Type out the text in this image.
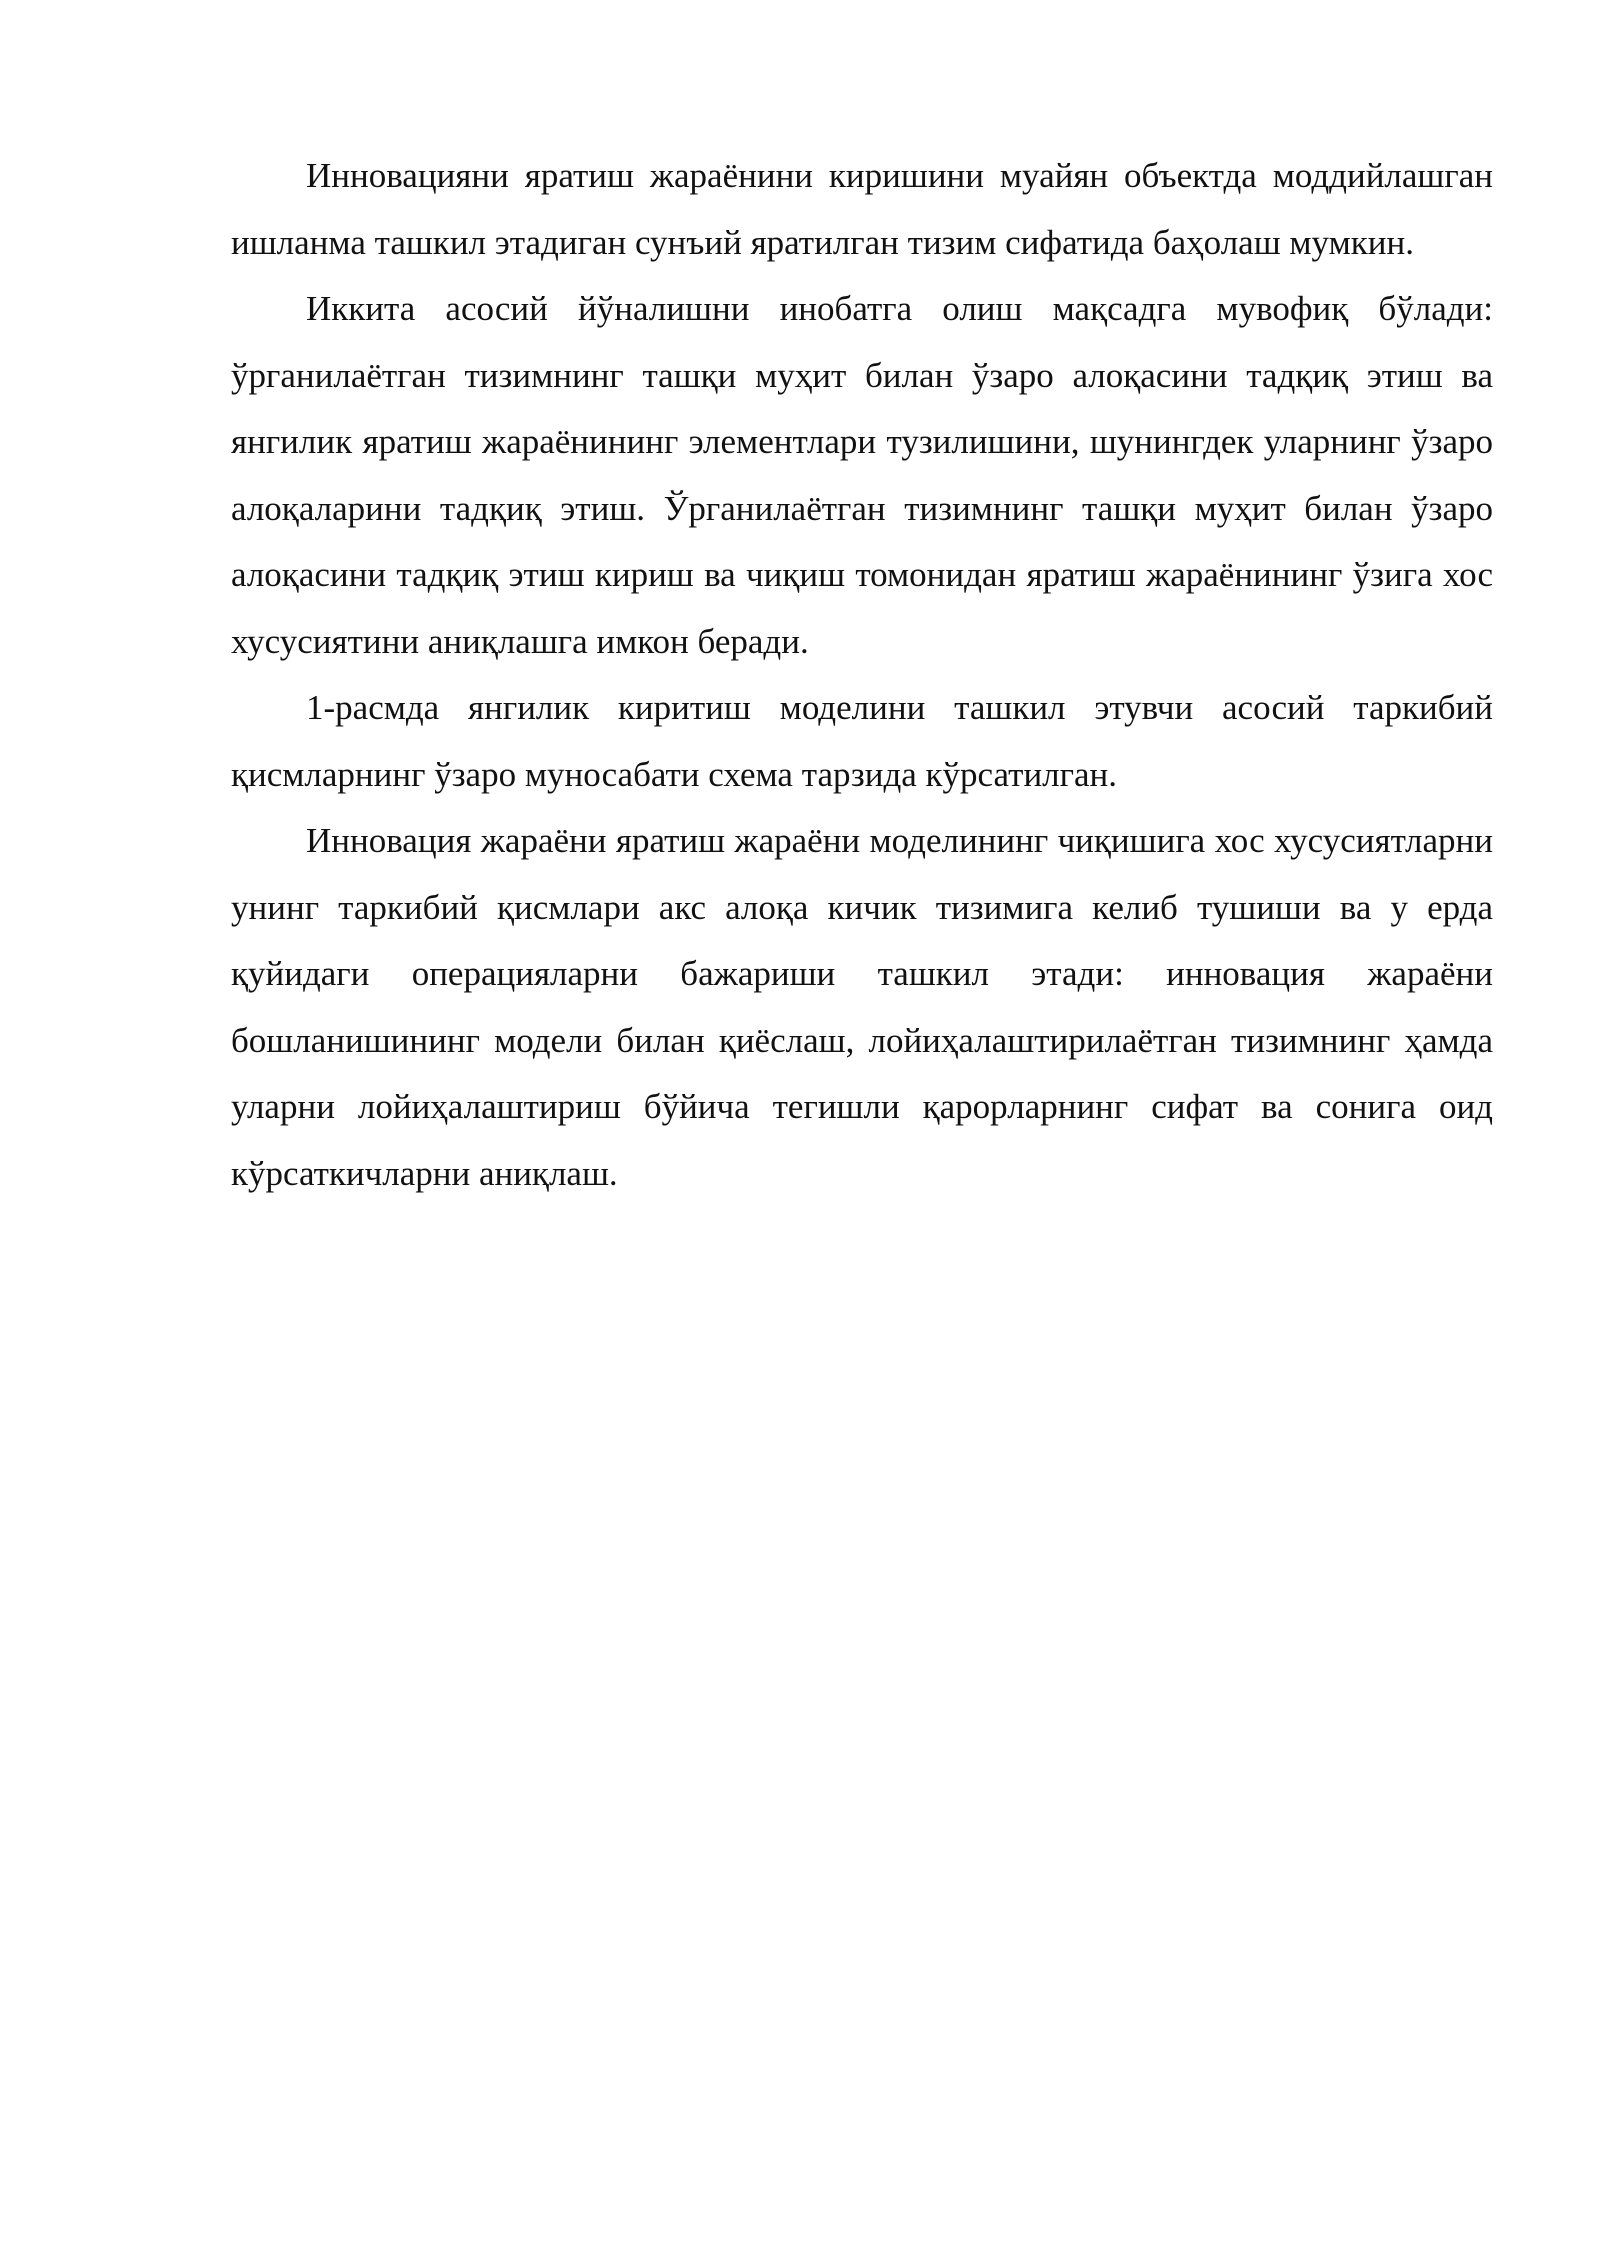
Инновацияни яратиш жараёнини киришини муайян объектда моддийлашган ишланма ташкил этадиган сунъий яратилган тизим сифатида баҳолаш мумкин.

Иккита асосий йўналишни инобатга олиш мақсадга мувофиқ бўлади: ўрганилаётган тизимнинг ташқи муҳит билан ўзаро алоқасини тадқиқ этиш ва янгилик яратиш жараёнининг элементлари тузилишини, шунингдек уларнинг ўзаро алоқаларини тадқиқ этиш. Ўрганилаётган тизимнинг ташқи муҳит билан ўзаро алоқасини тадқиқ этиш кириш ва чиқиш томонидан яратиш жараёнининг ўзига хос хусусиятини аниқлашга имкон беради.

1-расмда янгилик киритиш моделини ташкил этувчи асосий таркибий қисмларнинг ўзаро муносабати схема тарзида кўрсатилган.

Инновация жараёни яратиш жараёни моделининг чиқишига хос хусусиятларни унинг таркибий қисмлари акс алоқа кичик тизимига келиб тушиши ва у ерда қуйидаги операцияларни бажариши ташкил этади: инновация жараёни бошланишининг модели билан қиёслаш, лойиҳалаштирилаётган тизимнинг ҳамда уларни лойиҳалаштириш бўйича тегишли қарорларнинг сифат ва сонига оид кўрсаткичларни аниқлаш.
